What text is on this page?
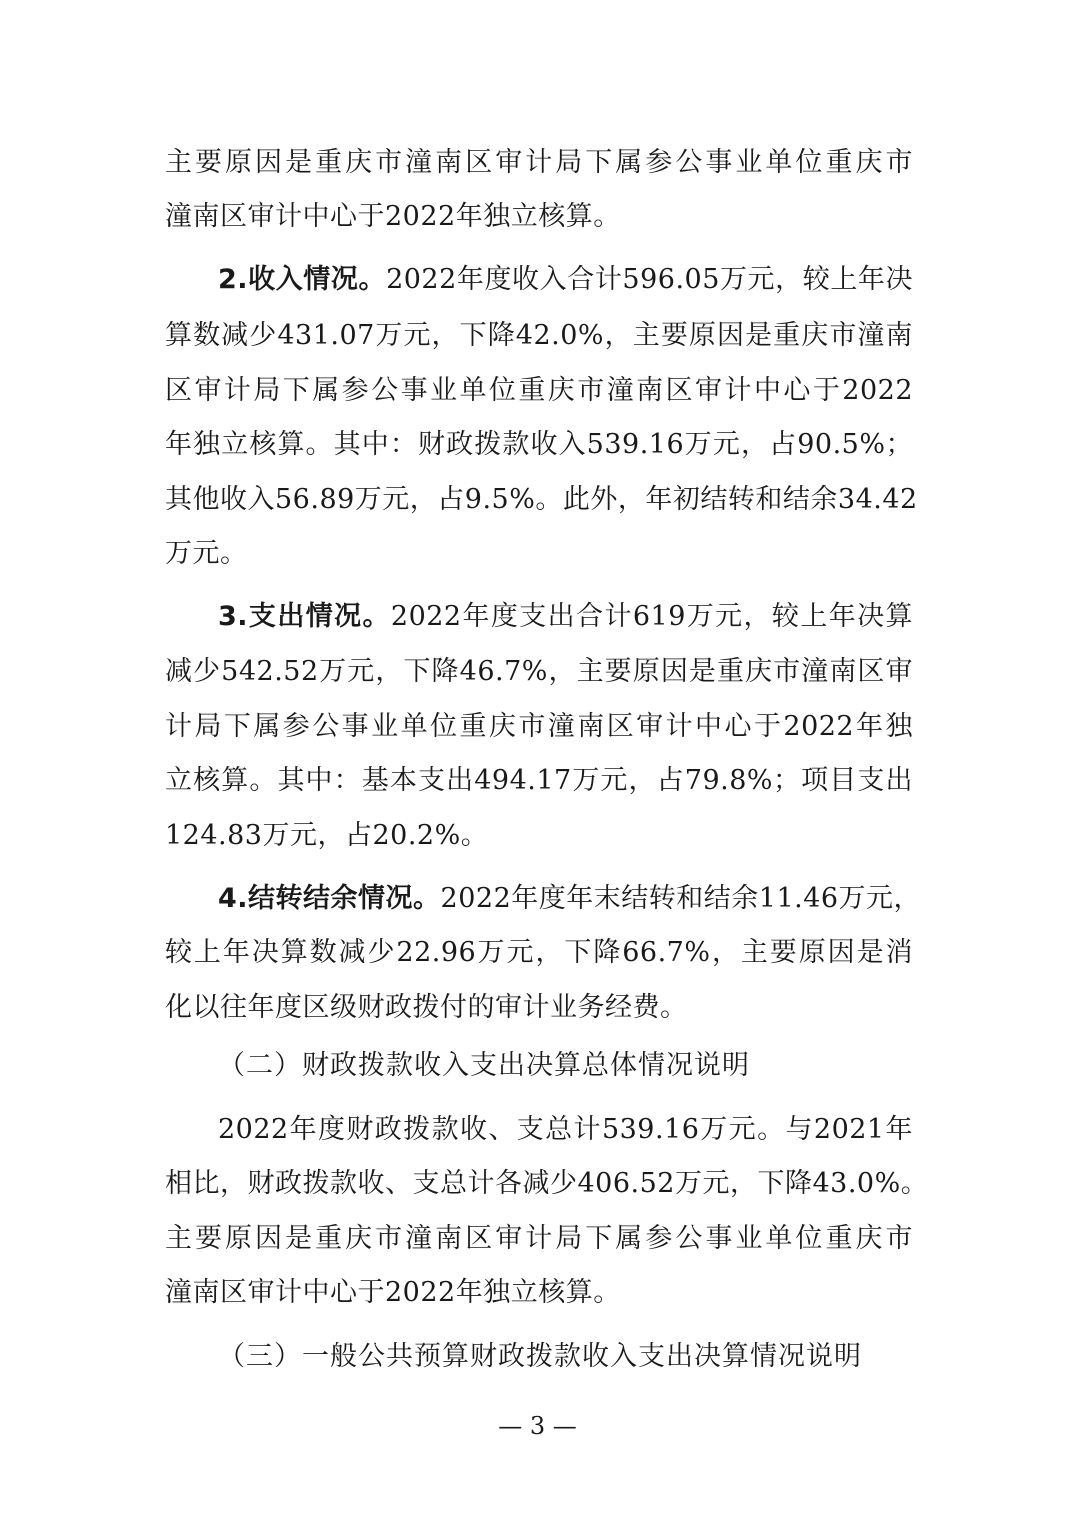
主要原因是重庆市潼南区审计局下属参公事业单位重庆市
潼南区审计中心于2022年独立核算。
2.收入情况。2022年度收入合计596.05万元，较上年决
算数减少431.07万元，下降42.0%，主要原因是重庆市潼南
区审计局下属参公事业单位重庆市潼南区审计中心于2022
年独立核算。其中：财政拨款收入539.16万元，占90.5%；
其他收入56.89万元，占9.5%。此外，年初结转和结余34.42
万元。
3.支出情况。2022年度支出合计619万元，较上年决算
减少542.52万元，下降46.7%，主要原因是重庆市潼南区审
计局下属参公事业单位重庆市潼南区审计中心于2022年独
立核算。其中：基本支出494.17万元，占79.8%；项目支出
124.83万元，占20.2%。
4.结转结余情况。2022年度年末结转和结余11.46万元，
较上年决算数减少22.96万元，下降66.7%，主要原因是消
化以往年度区级财政拨付的审计业务经费。
（二）财政拨款收入支出决算总体情况说明
2022年度财政拨款收、支总计539.16万元。与2021年
相比，财政拨款收、支总计各减少406.52万元，下降43.0%。
主要原因是重庆市潼南区审计局下属参公事业单位重庆市
潼南区审计中心于2022年独立核算。
（三）一般公共预算财政拨款收入支出决算情况说明
— 3 —
